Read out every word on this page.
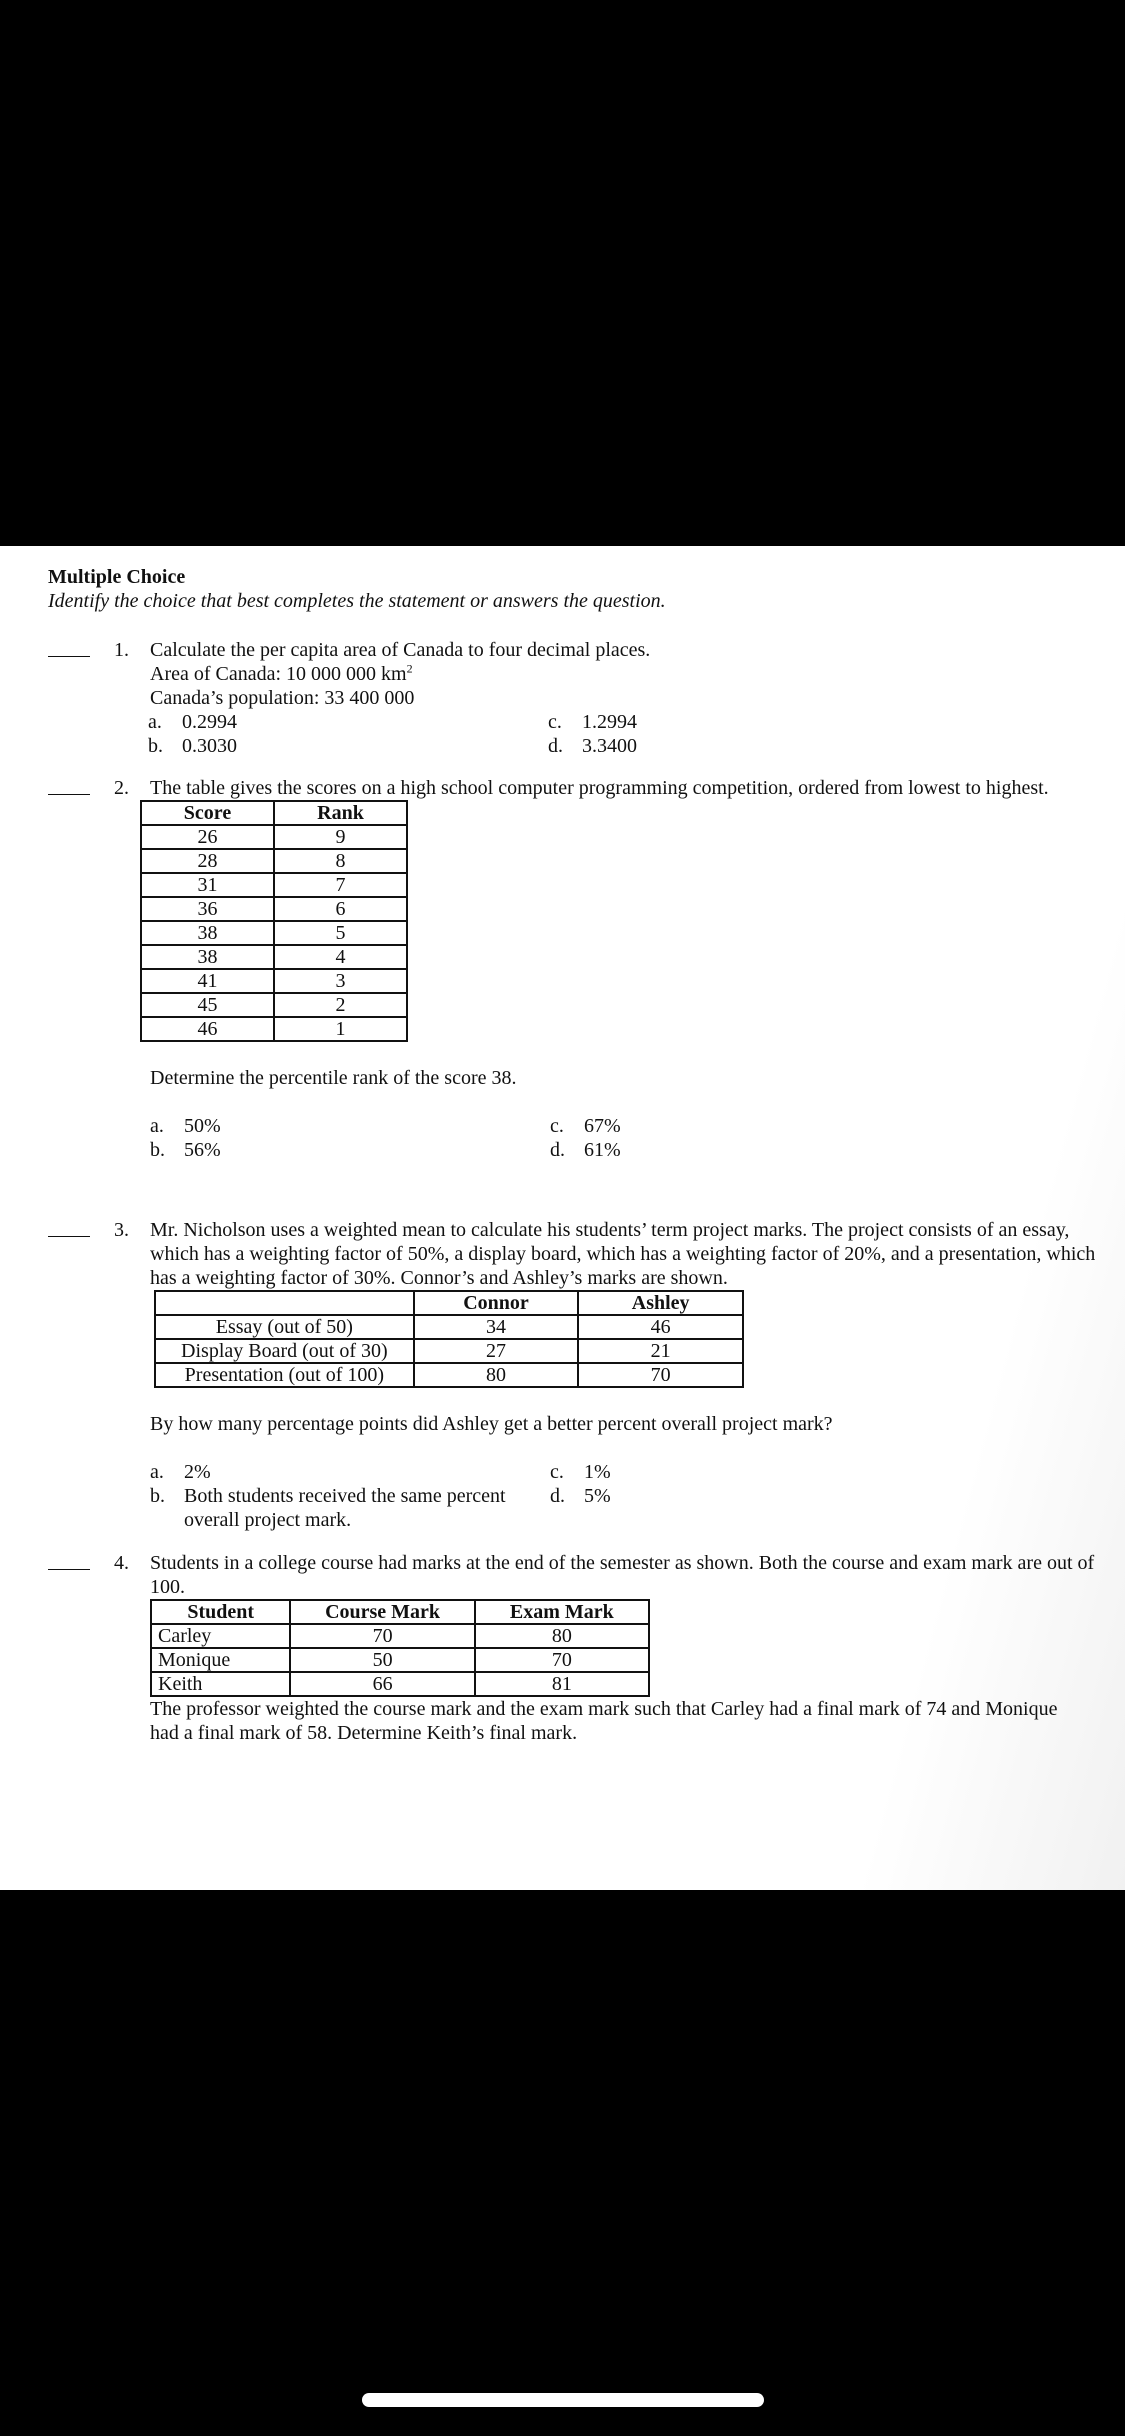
Multiple Choice
Identify the choice that best completes the statement or answers the question.
1. Calculate the per capita area of Canada to four decimal places.
Area of Canada: 10 000 000 $km^2$
Canada’s population: 33 400 000
a. 0.2994
b. 0.3030
c. 1.2994
d. 3.3400
2. The table gives the scores on a high school computer programming competition, ordered from lowest to highest.
Score	Rank
26	9
28	8
31	7
36	6
38	5
38	4
41	3
45	2
46	1
Determine the percentile rank of the score 38.
a. 50%
b. 56%
c. 67%
d. 61%
3. Mr. Nicholson uses a weighted mean to calculate his students’ term project marks. The project consists of an essay, which has a weighting factor of 50%, a display board, which has a weighting factor of 20%, and a presentation, which has a weighting factor of 30%. Connor’s and Ashley’s marks are shown.
	Connor	Ashley
Essay (out of 50)	34	46
Display Board (out of 30)	27	21
Presentation (out of 100)	80	70
By how many percentage points did Ashley get a better percent overall project mark?
a. 2%
b. Both students received the same percent overall project mark.
c. 1%
d. 5%
4. Students in a college course had marks at the end of the semester as shown. Both the course and exam mark are out of 100.
Student	Course Mark	Exam Mark
Carley	70	80
Monique	50	70
Keith	66	81
The professor weighted the course mark and the exam mark such that Carley had a final mark of 74 and Monique had a final mark of 58. Determine Keith’s final mark.
